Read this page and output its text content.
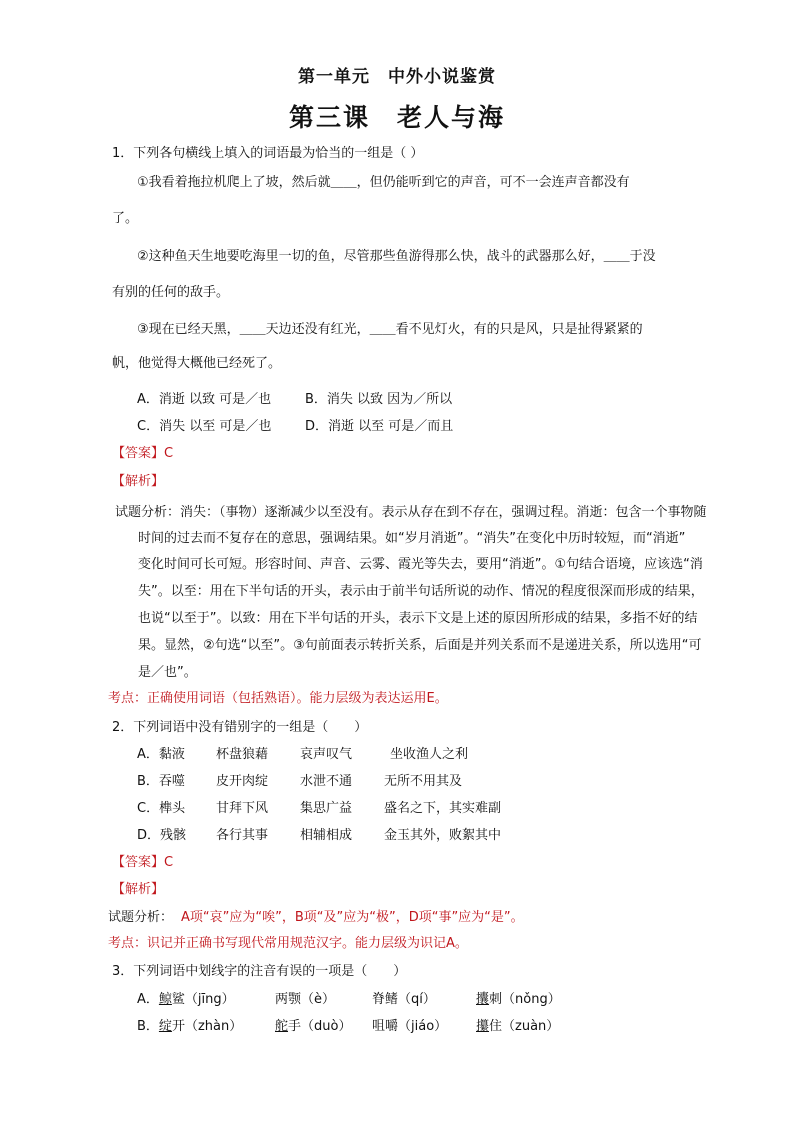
第一单元　中外小说鉴赏
第三课　老人与海
1．下列各句横线上填入的词语最为恰当的一组是（ ）
①我看着拖拉机爬上了坡，然后就＿＿，但仍能听到它的声音，可不一会连声音都没有
了。
②这种鱼天生地要吃海里一切的鱼，尽管那些鱼游得那么快，战斗的武器那么好，＿＿于没
有别的任何的敌手。
③现在已经天黑，＿＿天边还没有红光，＿＿看不见灯火，有的只是风，只是扯得紧紧的
帆，他觉得大概他已经死了。
A．消逝 以致 可是／也	B．消失 以致 因为／所以
C．消失 以至 可是／也	D．消逝 以至 可是／而且
【答案】C
【解析】
试题分析：消失：（事物）逐渐减少以至没有。表示从存在到不存在，强调过程。消逝：包含一个事物随
时间的过去而不复存在的意思，强调结果。如“岁月消逝”。“消失”在变化中历时较短，而“消逝”
变化时间可长可短。形容时间、声音、云雾、霞光等失去，要用“消逝”。①句结合语境，应该选“消
失”。以至：用在下半句话的开头，表示由于前半句话所说的动作、情况的程度很深而形成的结果，
也说“以至于”。以致：用在下半句话的开头，表示下文是上述的原因所形成的结果，多指不好的结
果。显然，②句选“以至”。③句前面表示转折关系，后面是并列关系而不是递进关系，所以选用“可
是／也”。
考点：正确使用词语（包括熟语）。能力层级为表达运用E。
2．下列词语中没有错别字的一组是（　　）
A．黏液 杯盘狼藉 哀声叹气	坐收渔人之利
B．吞噬 皮开肉绽 水泄不通 无所不用其及
C．榫头 甘拜下风 集思广益 盛名之下，其实难副
D．残骸 各行其事 相辅相成 金玉其外，败絮其中
【答案】C
【解析】
试题分析： A项“哀”应为“唉”，B项“及”应为“极”，D项“事”应为“是”。
考点：识记并正确书写现代常用规范汉字。能力层级为识记A。
3．下列词语中划线字的注音有误的一项是（　　）
A．鲸鲨（jīng）	两颚（è）	脊鳍（qí）	攮刺（nǒng）
B．绽开（zhàn）	舵手（duò） 咀嚼（jiáo） 攥住（zuàn）
